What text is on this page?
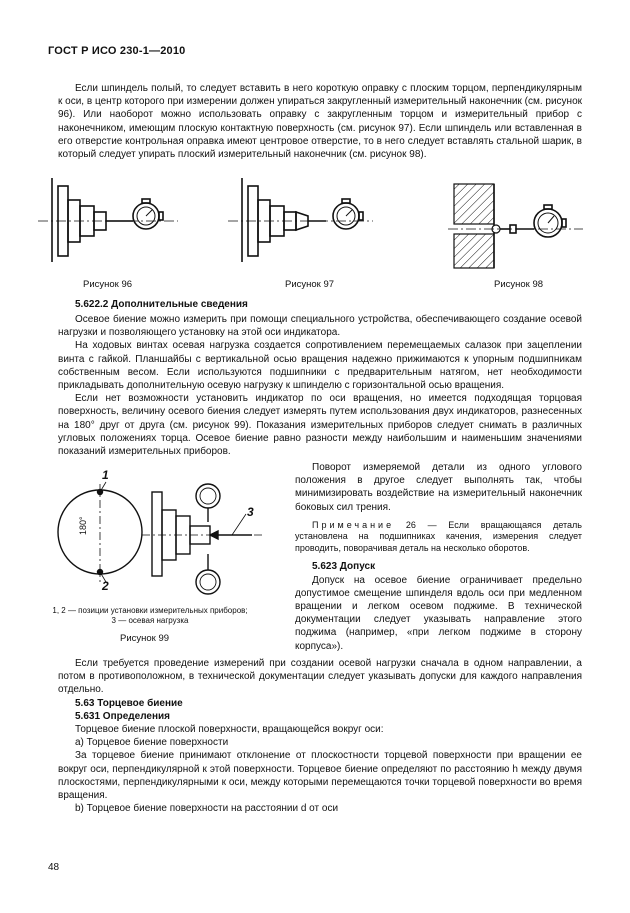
ГОСТ Р ИСО 230-1—2010
Если шпиндель полый, то следует вставить в него короткую оправку с плоским торцом, перпендикулярным к оси, в центр которого при измерении должен упираться закругленный измерительный наконечник (см. рисунок 96). Или наоборот можно использовать оправку с закругленным торцом и измерительный прибор с наконечником, имеющим плоскую контактную поверхность (см. рисунок 97). Если шпиндель или вставленная в его отверстие контрольная оправка имеют центровое отверстие, то в него следует вставлять стальной шарик, в который следует упирать плоский измерительный наконечник (см. рисунок 98).
Рисунок 96	Рисунок 97	Рисунок 98
5.622.2 Дополнительные сведения

Осевое биение можно измерить при помощи специального устройства, обеспечивающего создание осевой нагрузки и позволяющего установку на этой оси индикатора.

На ходовых винтах осевая нагрузка создается сопротивлением перемещаемых салазок при зацеплении винта с гайкой. Планшайбы с вертикальной осью вращения надежно прижимаются к упорным подшипникам собственным весом. Если используются подшипники с предварительным натягом, нет необходимости прикладывать дополнительную осевую нагрузку к шпинделю с горизонтальной осью вращения.

Если нет возможности установить индикатор по оси вращения, но имеется подходящая торцовая поверхность, величину осевого биения следует измерять путем использования двух индикаторов, разнесенных на 180° друг от друга (см. рисунок 99). Показания измерительных приборов следует снимать в различных угловых положениях торца. Осевое биение равно разности между наибольшим и наименьшим значениями показаний измерительных приборов.

1
2
3
180°
1, 2 — позиции установки измерительных приборов; 3 — осевая нагрузка
Рисунок 99

Поворот измеряемой детали из одного углового положения в другое следует выполнять так, чтобы минимизировать воздействие на измерительный наконечник боковых сил трения.

Примечание 26 — Если вращающаяся деталь установлена на подшипниках качения, измерения следует проводить, поворачивая деталь на несколько оборотов.

5.623 Допуск

Допуск на осевое биение ограничивает предельно допустимое смещение шпинделя вдоль оси при медленном вращении и легком осевом поджиме. В технической документации следует указывать направление этого поджима (например, «при легком поджиме в сторону корпуса»).

Если требуется проведение измерений при создании осевой нагрузки сначала в одном направлении, а потом в противоположном, в технической документации следует указывать допуски для каждого направления отдельно.

5.63 Торцевое биение

5.631 Определения

Торцевое биение плоской поверхности, вращающейся вокруг оси:

a) Торцевое биение поверхности

За торцевое биение принимают отклонение от плоскостности торцевой поверхности при вращении ее вокруг оси, перпендикулярной к этой поверхности. Торцевое биение определяют по расстоянию h между двумя плоскостями, перпендикулярными к оси, между которыми перемещаются точки торцевой поверхности во время вращения.

b) Торцевое биение поверхности на расстоянии d от оси

48
